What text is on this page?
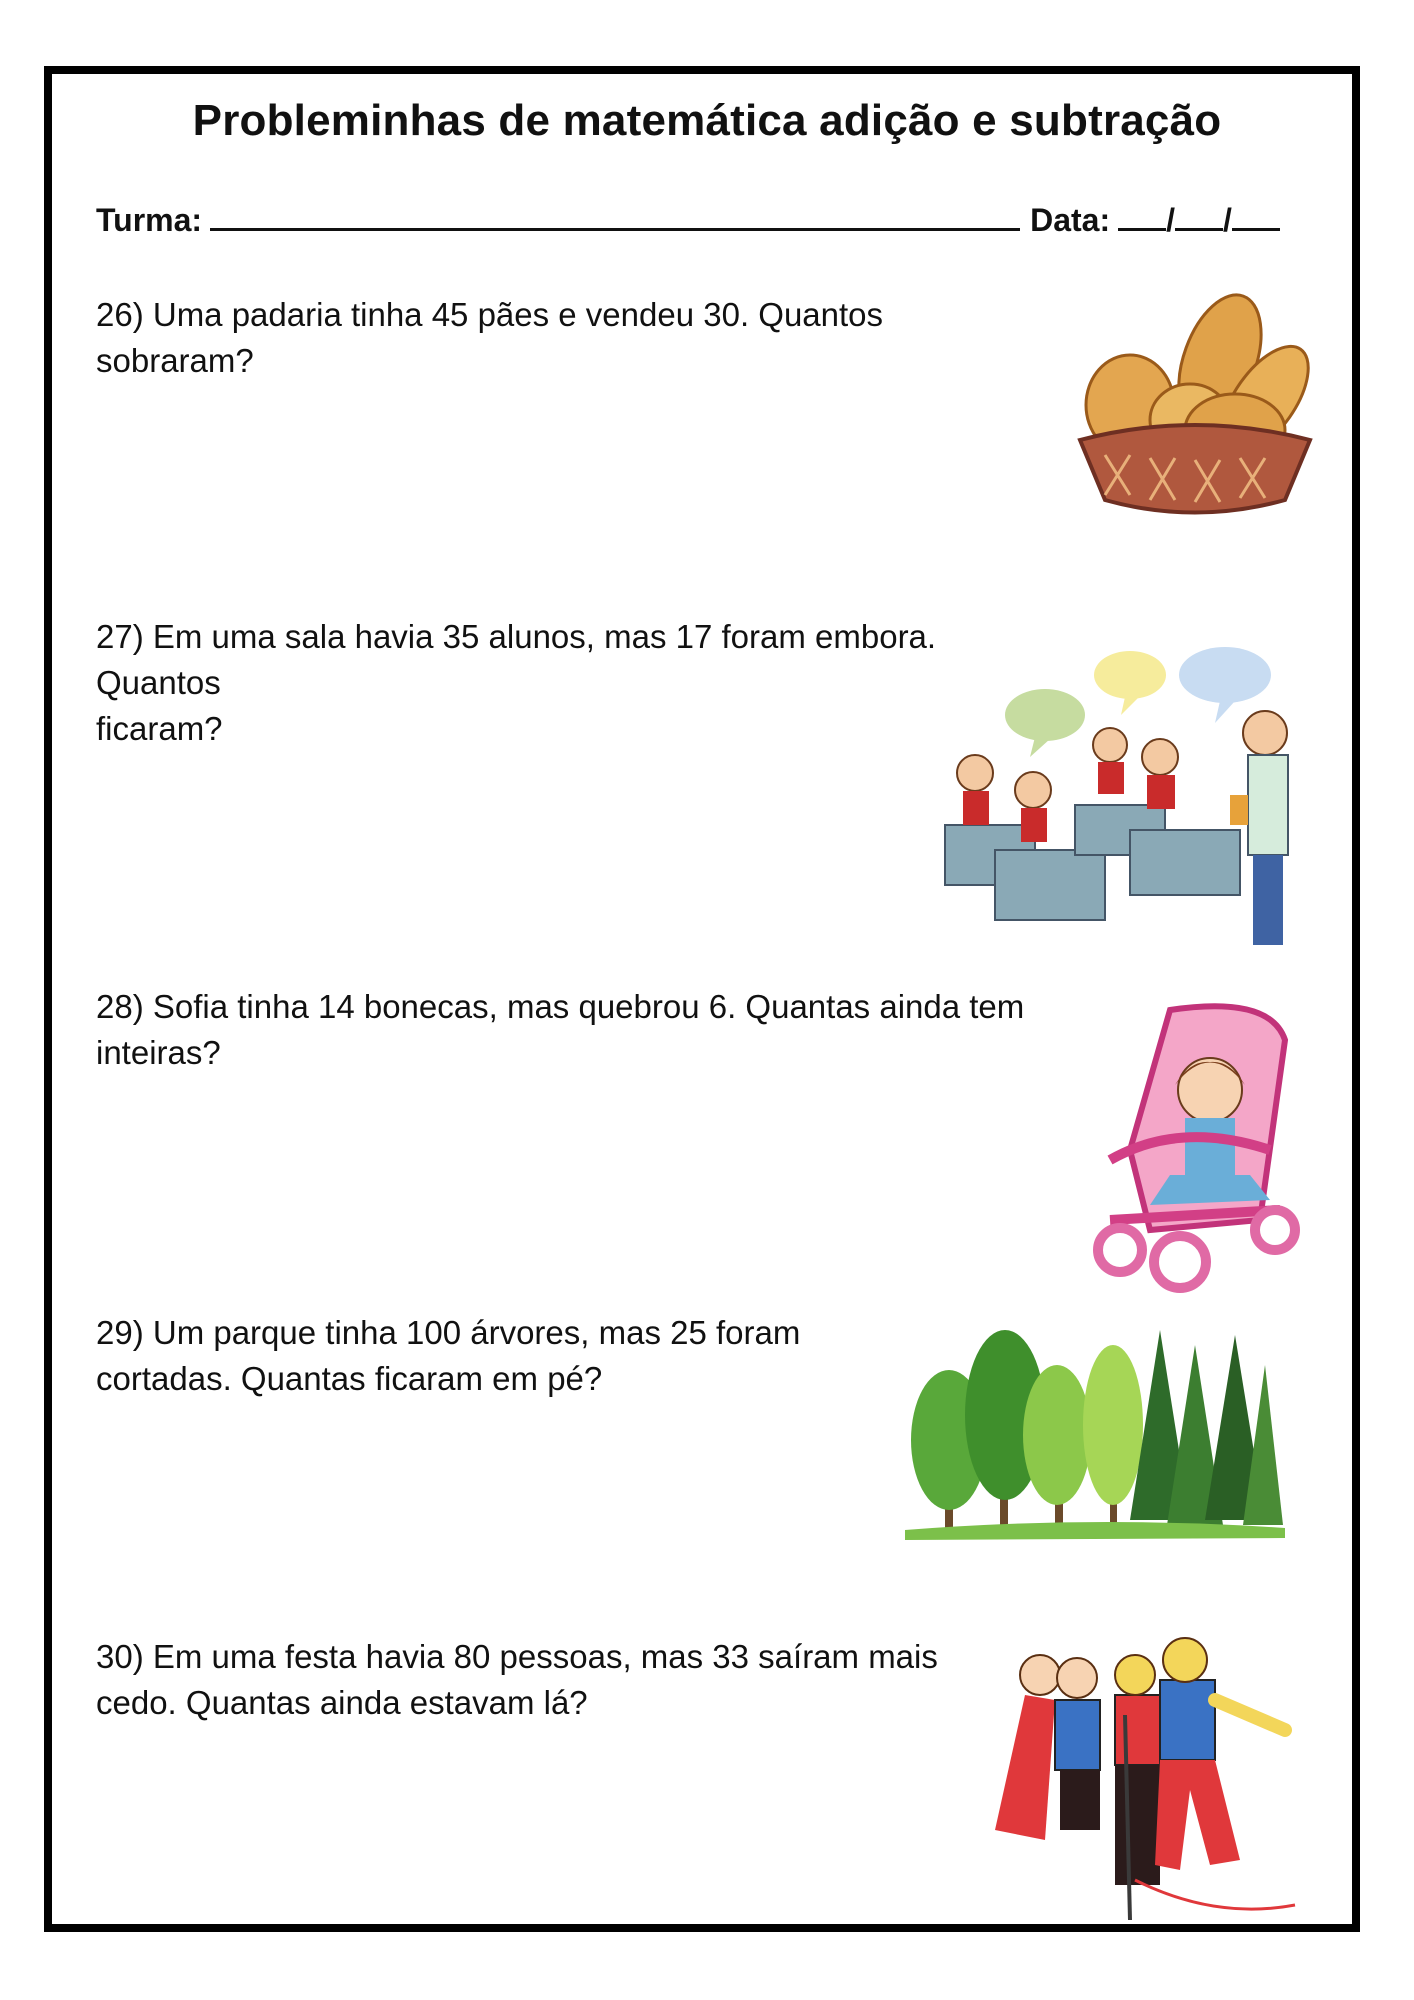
Probleminhas de matemática adição e subtração
Turma:	Data: / /

26) Uma padaria tinha 45 pães e vendeu 30. Quantos

sobraram?

27) Em uma sala havia 35 alunos, mas 17 foram embora.

Quantos

ficaram?

28) Sofia tinha 14 bonecas, mas quebrou 6. Quantas ainda tem

inteiras?

29) Um parque tinha 100 árvores, mas 25 foram

cortadas. Quantas ficaram em pé?

30) Em uma festa havia 80 pessoas, mas 33 saíram mais

cedo. Quantas ainda estavam lá?
